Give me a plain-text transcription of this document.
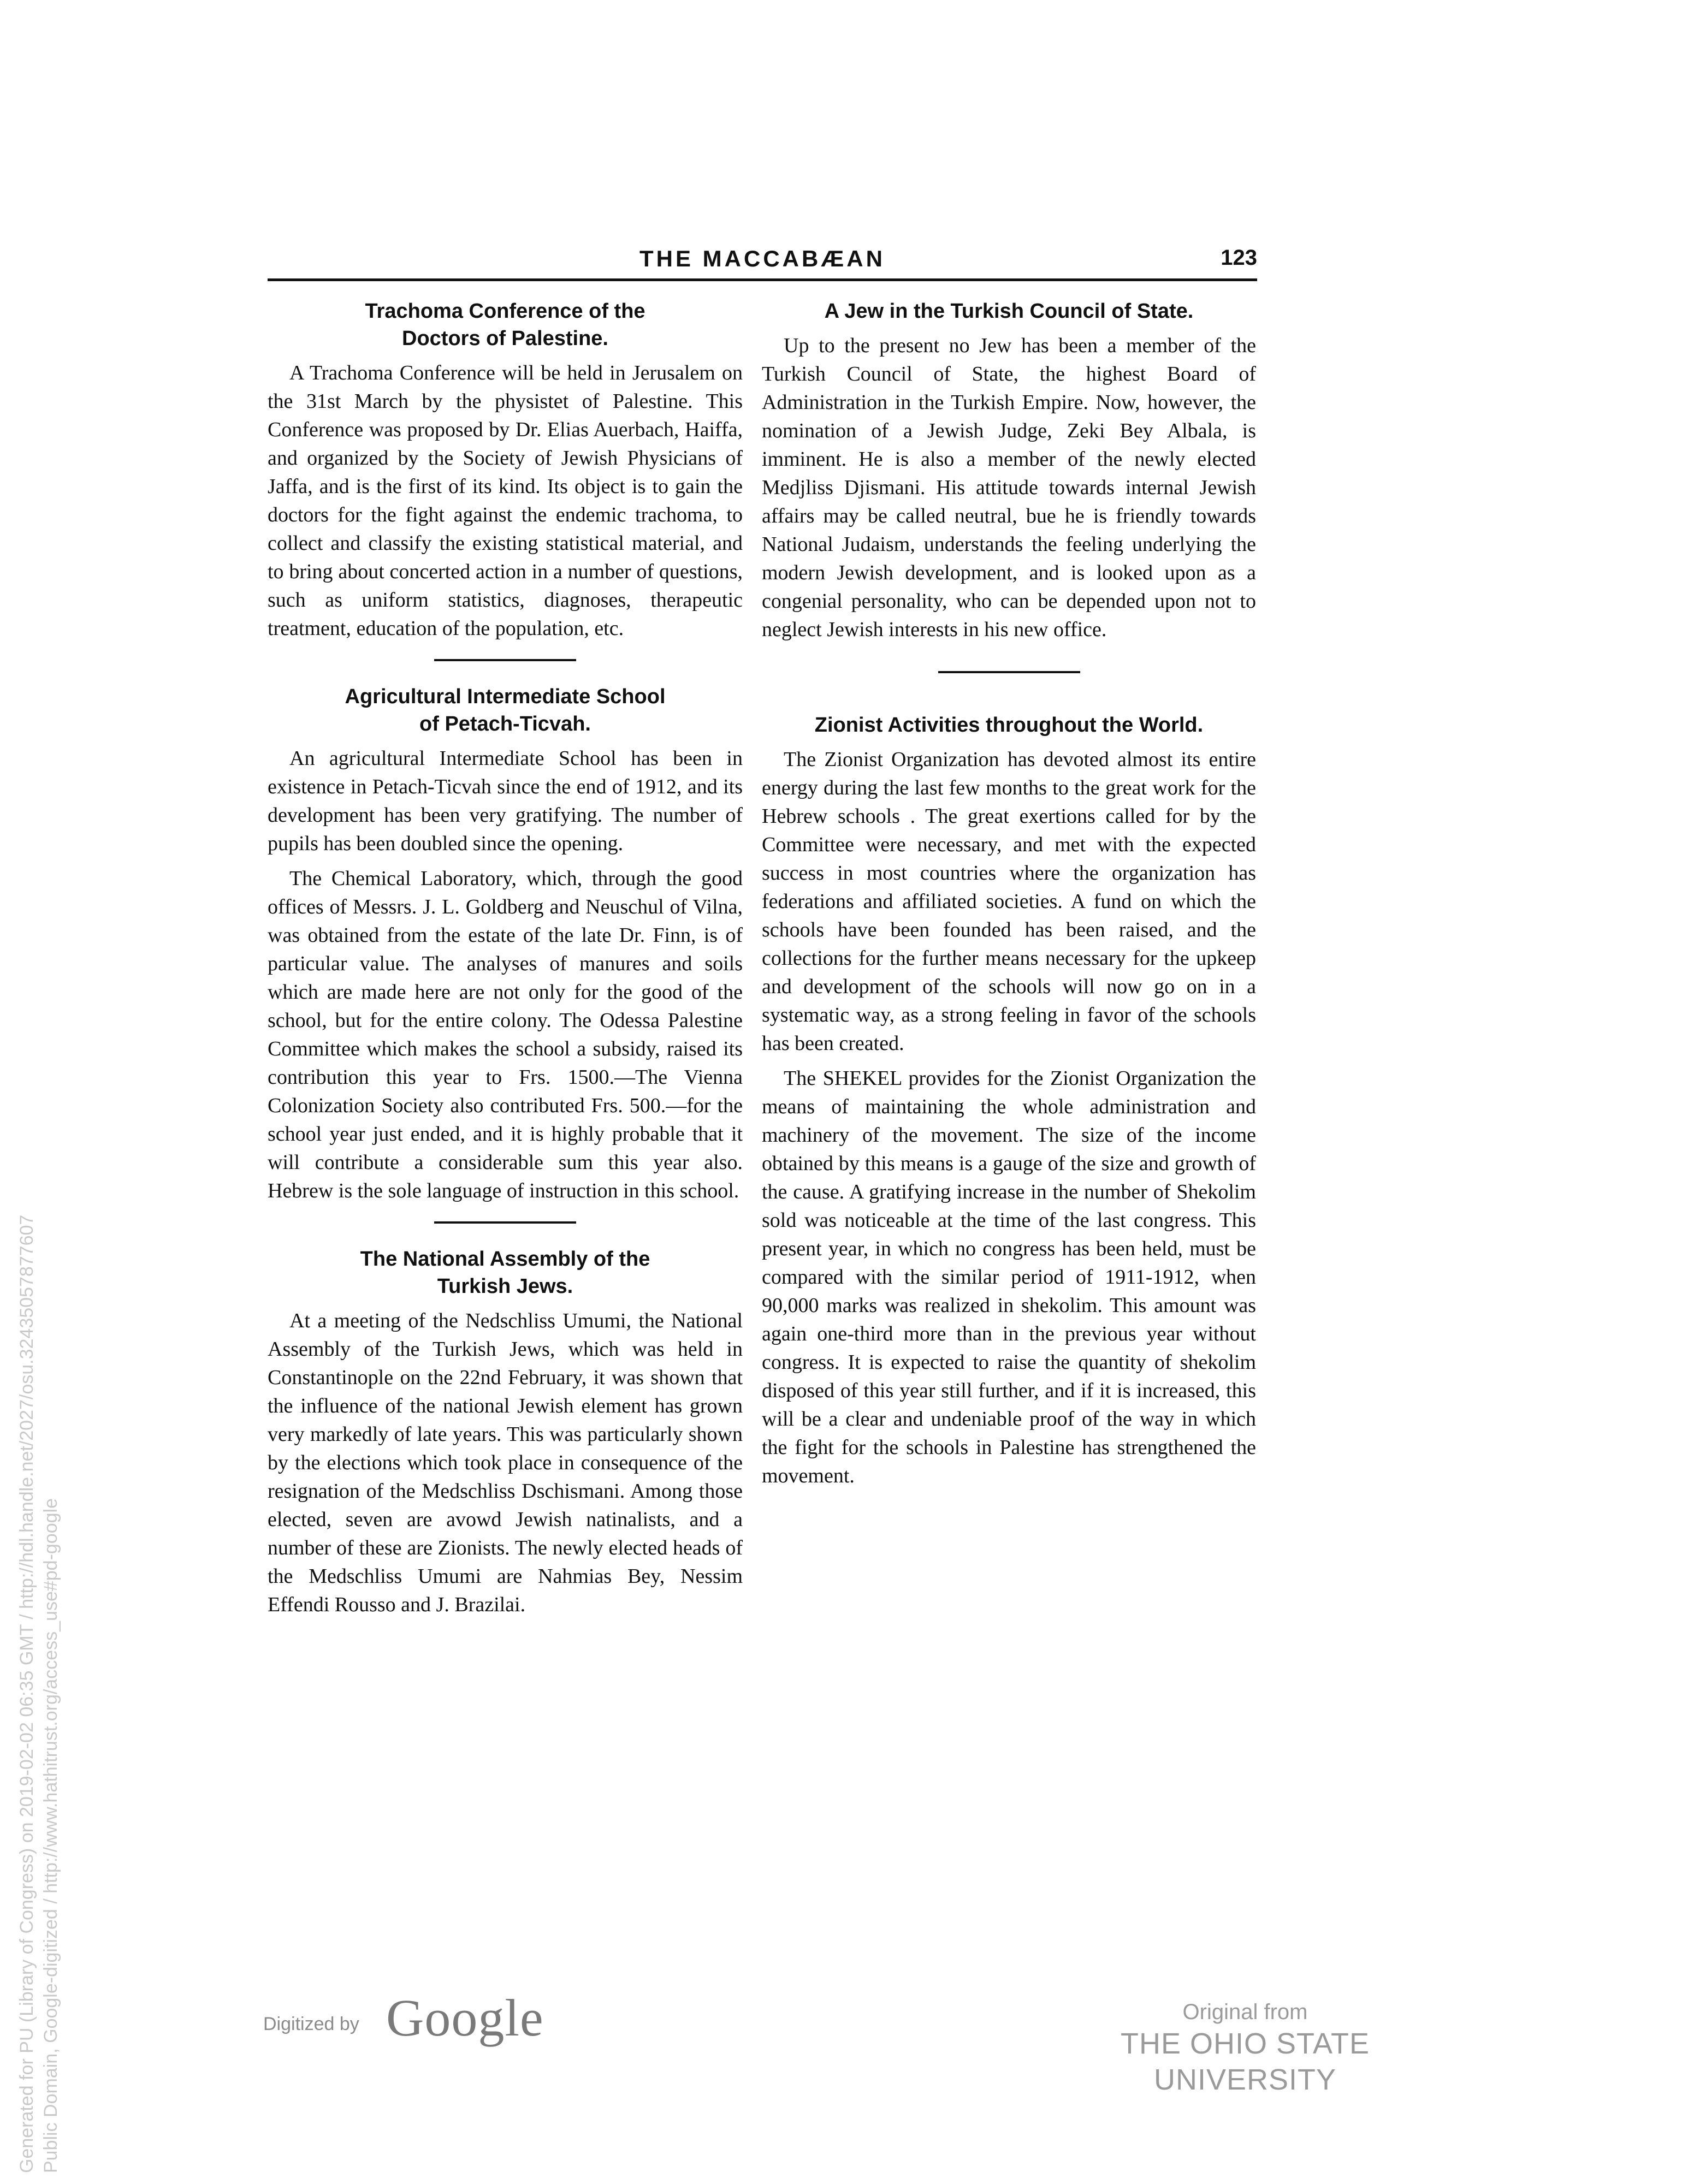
THE MACCABÆAN	123
Trachoma Conference of the
Doctors of Palestine.

A Trachoma Conference will be held in Jerusalem on the 31st March by the physistet of Palestine. This Conference was proposed by Dr. Elias Auerbach, Haiffa, and organized by the Society of Jewish Physicians of Jaffa, and is the first of its kind. Its object is to gain the doctors for the fight against the endemic trachoma, to collect and classify the existing statistical material, and to bring about concerted action in a number of questions, such as uniform statistics, diagnoses, therapeutic treatment, education of the population, etc.

Agricultural Intermediate School
of Petach-Ticvah.

An agricultural Intermediate School has been in existence in Petach-Ticvah since the end of 1912, and its development has been very gratifying. The number of pupils has been doubled since the opening.

The Chemical Laboratory, which, through the good offices of Messrs. J. L. Goldberg and Neuschul of Vilna, was obtained from the estate of the late Dr. Finn, is of particular value. The analyses of manures and soils which are made here are not only for the good of the school, but for the entire colony. The Odessa Palestine Committee which makes the school a subsidy, raised its contribution this year to Frs. 1500.—The Vienna Colonization Society also contributed Frs. 500.—for the school year just ended, and it is highly probable that it will contribute a considerable sum this year also. Hebrew is the sole language of instruction in this school.

The National Assembly of the
Turkish Jews.

At a meeting of the Nedschliss Umumi, the National Assembly of the Turkish Jews, which was held in Constantinople on the 22nd February, it was shown that the influence of the national Jewish element has grown very markedly of late years. This was particularly shown by the elections which took place in consequence of the resignation of the Medschliss Dschismani. Among those elected, seven are avowd Jewish natinalists, and a number of these are Zionists. The newly elected heads of the Medschliss Umumi are Nahmias Bey, Nessim Effendi Rousso and J. Brazilai.

A Jew in the Turkish Council of State.

Up to the present no Jew has been a member of the Turkish Council of State, the highest Board of Administration in the Turkish Empire. Now, however, the nomination of a Jewish Judge, Zeki Bey Albala, is imminent. He is also a member of the newly elected Medjliss Djismani. His attitude towards internal Jewish affairs may be called neutral, bue he is friendly towards National Judaism, understands the feeling underlying the modern Jewish development, and is looked upon as a congenial personality, who can be depended upon not to neglect Jewish interests in his new office.

Zionist Activities throughout the World.

The Zionist Organization has devoted almost its entire energy during the last few months to the great work for the Hebrew schools . The great exertions called for by the Committee were necessary, and met with the expected success in most countries where the organization has federations and affiliated societies. A fund on which the schools have been founded has been raised, and the collections for the further means necessary for the upkeep and development of the schools will now go on in a systematic way, as a strong feeling in favor of the schools has been created.

The SHEKEL provides for the Zionist Organization the means of maintaining the whole administration and machinery of the movement. The size of the income obtained by this means is a gauge of the size and growth of the cause. A gratifying increase in the number of Shekolim sold was noticeable at the time of the last congress. This present year, in which no congress has been held, must be compared with the similar period of 1911-1912, when 90,000 marks was realized in shekolim. This amount was again one-third more than in the previous year without congress. It is expected to raise the quantity of shekolim disposed of this year still further, and if it is increased, this will be a clear and undeniable proof of the way in which the fight for the schools in Palestine has strengthened the movement.

Generated for PU (Library of Congress) on 2019-02-02 06:35 GMT / http://hdl.handle.net/2027/osu.32435057877607 Public Domain, Google-digitized / http://www.hathitrust.org/access_use#pd-google	Digitized by Google	Original from
THE OHIO STATE UNIVERSITY
